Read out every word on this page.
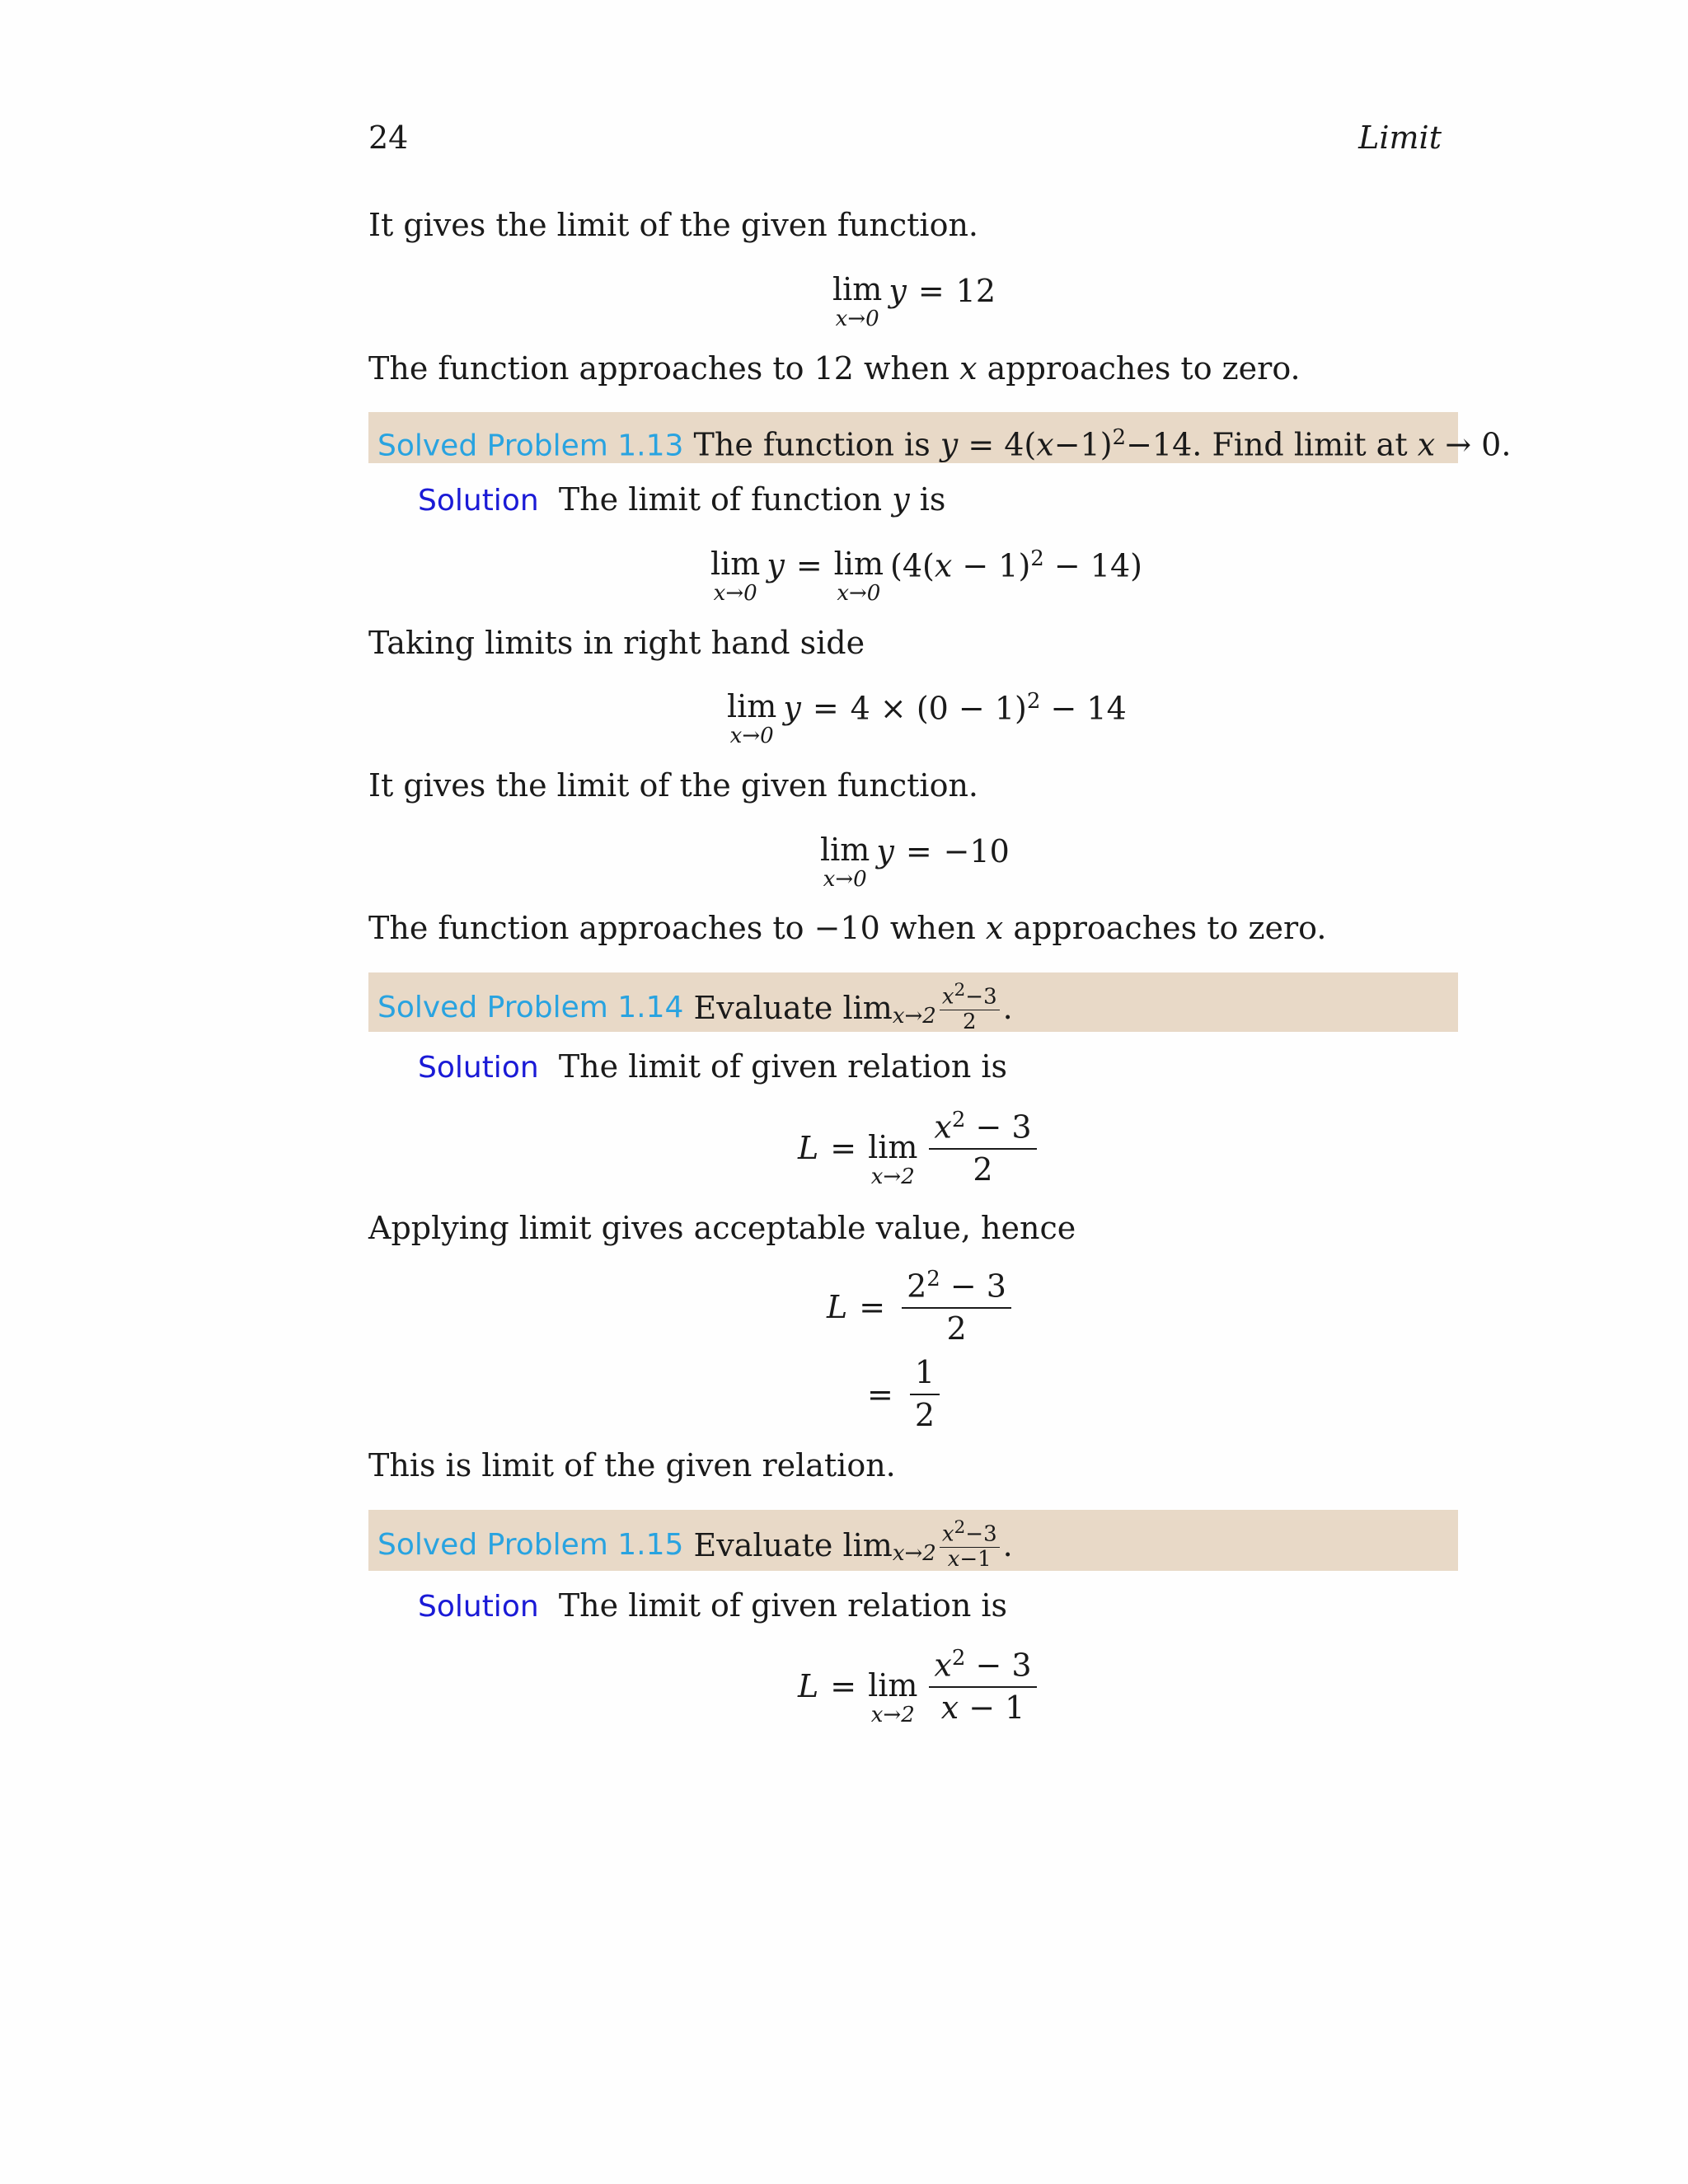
24	Limit
It gives the limit of the given function.
lim
x→0
y = 12
The function approaches to 12 when x approaches to zero.
Solved Problem 1.13 The function is $y = 4(x-1)^2-14$. Find limit at x → 0.
Solution The limit of function y is
lim
x→0
y = lim
x→0
$(4(x - 1)^2 - 14)$
Taking limits in right hand side
lim
x→0
$y = 4 \times (0 - 1)^2 - 14$
It gives the limit of the given function.
lim
x→0
y = −10
The function approaches to −10 when x approaches to zero.
Solved Problem 1.14 Evaluate $\lim x\to 2 \frac{x^2-3}{2}$ .
Solution The limit of given relation is
L = lim
$x\to 2 \frac{x^2 - 3}{2}$
Applying limit gives acceptable value, hence
$L = \frac{2^2 - 3}{2}$
= $\frac{1}{2}$
This is limit of the given relation.
Solved Problem 1.15 Evaluate $\lim x\to 2 \frac{x^2-3}{x-1}$ .
Solution The limit of given relation is
L = lim
$x\to 2 \frac{x^2 - 3}{x - 1}$
